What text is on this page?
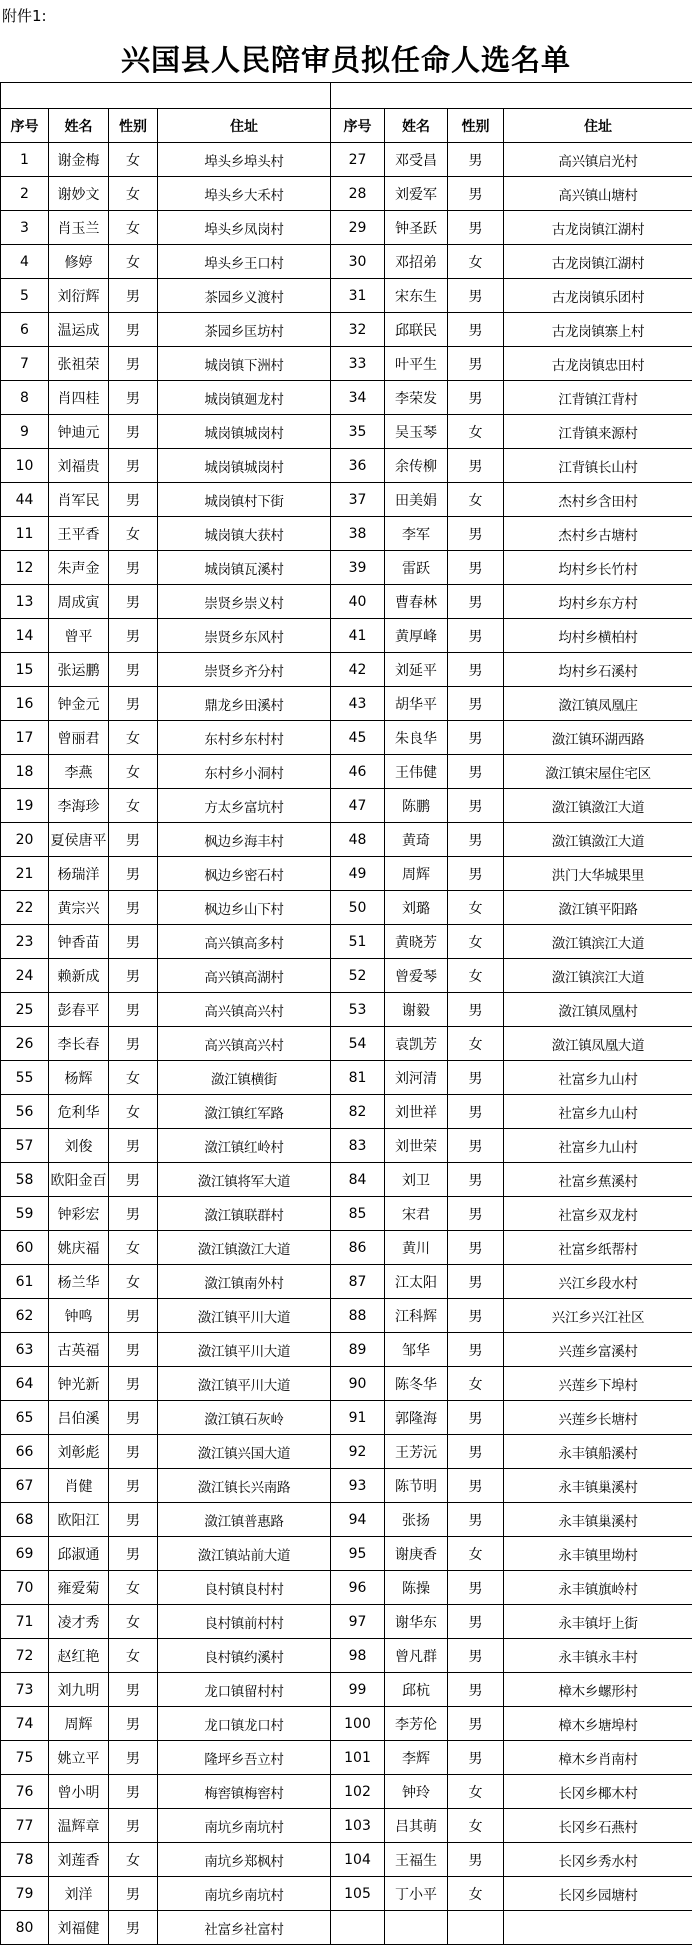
附件1:
兴国县人民陪审员拟任命人选名单

序号	姓名	性别	住址	序号	姓名	性别	住址
1	谢金梅	女	埠头乡埠头村	27	邓受昌	男	高兴镇启光村
2	谢妙文	女	埠头乡大禾村	28	刘爱军	男	高兴镇山塘村
3	肖玉兰	女	埠头乡凤岗村	29	钟圣跃	男	古龙岗镇江湖村
4	修婷	女	埠头乡王口村	30	邓招弟	女	古龙岗镇江湖村
5	刘衍辉	男	茶园乡义渡村	31	宋东生	男	古龙岗镇乐团村
6	温运成	男	茶园乡匡坊村	32	邱联民	男	古龙岗镇寨上村
7	张祖荣	男	城岗镇下洲村	33	叶平生	男	古龙岗镇忠田村
8	肖四桂	男	城岗镇廻龙村	34	李荣发	男	江背镇江背村
9	钟迪元	男	城岗镇城岗村	35	吴玉琴	女	江背镇来源村
10	刘福贵	男	城岗镇城岗村	36	余传柳	男	江背镇长山村
44	肖军民	男	城岗镇村下街	37	田美娟	女	杰村乡含田村
11	王平香	女	城岗镇大获村	38	李军	男	杰村乡古塘村
12	朱声金	男	城岗镇瓦溪村	39	雷跃	男	均村乡长竹村
13	周成寅	男	崇贤乡崇义村	40	曹春林	男	均村乡东方村
14	曾平	男	崇贤乡东风村	41	黄厚峰	男	均村乡横柏村
15	张运鹏	男	崇贤乡齐分村	42	刘延平	男	均村乡石溪村
16	钟金元	男	鼎龙乡田溪村	43	胡华平	男	潋江镇凤凰庄
17	曾丽君	女	东村乡东村村	45	朱良华	男	潋江镇环湖西路
18	李燕	女	东村乡小洞村	46	王伟健	男	潋江镇宋屋住宅区
19	李海珍	女	方太乡富坑村	47	陈鹏	男	潋江镇潋江大道
20	夏侯唐平	男	枫边乡海丰村	48	黄琦	男	潋江镇潋江大道
21	杨瑞洋	男	枫边乡密石村	49	周辉	男	洪门大华城果里
22	黄宗兴	男	枫边乡山下村	50	刘璐	女	潋江镇平阳路
23	钟香苗	男	高兴镇高多村	51	黄晓芳	女	潋江镇滨江大道
24	赖新成	男	高兴镇高湖村	52	曾爱琴	女	潋江镇滨江大道
25	彭春平	男	高兴镇高兴村	53	谢毅	男	潋江镇凤凰村
26	李长春	男	高兴镇高兴村	54	袁凯芳	女	潋江镇凤凰大道
55	杨辉	女	潋江镇横街	81	刘河清	男	社富乡九山村
56	危利华	女	潋江镇红军路	82	刘世祥	男	社富乡九山村
57	刘俊	男	潋江镇红岭村	83	刘世荣	男	社富乡九山村
58	欧阳金百	男	潋江镇将军大道	84	刘卫	男	社富乡蕉溪村
59	钟彩宏	男	潋江镇联群村	85	宋君	男	社富乡双龙村
60	姚庆福	女	潋江镇潋江大道	86	黄川	男	社富乡纸帮村
61	杨兰华	女	潋江镇南外村	87	江太阳	男	兴江乡段水村
62	钟鸣	男	潋江镇平川大道	88	江科辉	男	兴江乡兴江社区
63	古英福	男	潋江镇平川大道	89	邹华	男	兴莲乡富溪村
64	钟光新	男	潋江镇平川大道	90	陈冬华	女	兴莲乡下埠村
65	吕伯溪	男	潋江镇石灰岭	91	郭隆海	男	兴莲乡长塘村
66	刘彰彪	男	潋江镇兴国大道	92	王芳沅	男	永丰镇船溪村
67	肖健	男	潋江镇长兴南路	93	陈节明	男	永丰镇巢溪村
68	欧阳江	男	潋江镇普惠路	94	张扬	男	永丰镇巢溪村
69	邱淑通	男	潋江镇站前大道	95	谢庚香	女	永丰镇里坳村
70	雍爱菊	女	良村镇良村村	96	陈操	男	永丰镇旗岭村
71	凌才秀	女	良村镇前村村	97	谢华东	男	永丰镇圩上街
72	赵红艳	女	良村镇约溪村	98	曾凡群	男	永丰镇永丰村
73	刘九明	男	龙口镇留村村	99	邱杭	男	樟木乡螺形村
74	周辉	男	龙口镇龙口村	100	李芳伦	男	樟木乡塘埠村
75	姚立平	男	隆坪乡吾立村	101	李辉	男	樟木乡肖南村
76	曾小明	男	梅窖镇梅窖村	102	钟玲	女	长冈乡椰木村
77	温辉章	男	南坑乡南坑村	103	吕其萌	女	长冈乡石燕村
78	刘莲香	女	南坑乡郑枫村	104	王福生	男	长冈乡秀水村
79	刘洋	男	南坑乡南坑村	105	丁小平	女	长冈乡园塘村
80	刘福健	男	社富乡社富村				
